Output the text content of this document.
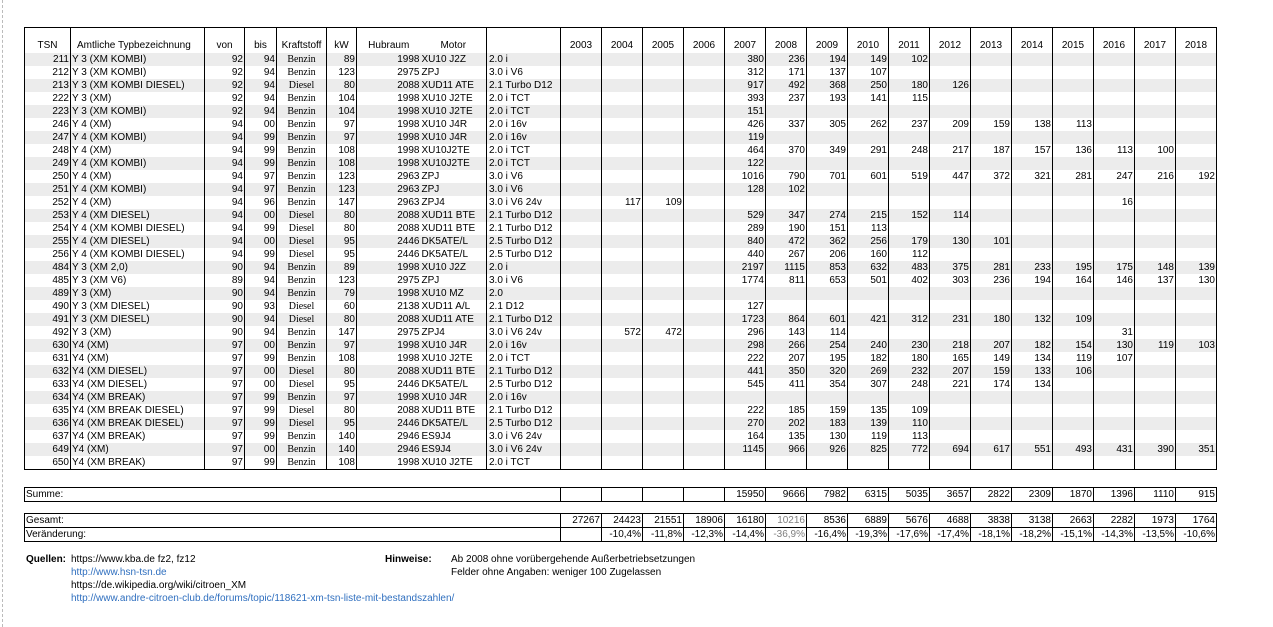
TSN	Amtliche Typbezeichnung	von	bis	Kraftstoff	kW	Hubraum	Motor		2003	2004	2005	2006	2007	2008	2009	2010	2011	2012	2013	2014	2015	2016	2017	2018
211	Y 3 (XM KOMBI)	92	94	Benzin	89	1998	XU10 J2Z	2.0 i					380	236	194	149	102							
212	Y 3 (XM KOMBI)	92	94	Benzin	123	2975	ZPJ	3.0 i V6					312	171	137	107								
213	Y 3 (XM KOMBI DIESEL)	92	94	Diesel	80	2088	XUD11 ATE	2.1 Turbo D12					917	492	368	250	180	126						
222	Y 3 (XM)	92	94	Benzin	104	1998	XU10 J2TE	2.0 i TCT					393	237	193	141	115							
223	Y 3 (XM KOMBI)	92	94	Benzin	104	1998	XU10 J2TE	2.0 i TCT					151											
246	Y 4 (XM)	94	00	Benzin	97	1998	XU10 J4R	2.0 i 16v					426	337	305	262	237	209	159	138	113			
247	Y 4 (XM KOMBI)	94	99	Benzin	97	1998	XU10 J4R	2.0 i 16v					119											
248	Y 4 (XM)	94	99	Benzin	108	1998	XU10J2TE	2.0 i TCT					464	370	349	291	248	217	187	157	136	113	100	
249	Y 4 (XM KOMBI)	94	99	Benzin	108	1998	XU10J2TE	2.0 i TCT					122											
250	Y 4 (XM)	94	97	Benzin	123	2963	ZPJ	3.0 i V6					1016	790	701	601	519	447	372	321	281	247	216	192
251	Y 4 (XM KOMBI)	94	97	Benzin	123	2963	ZPJ	3.0 i V6					128	102										
252	Y 4 (XM)	94	96	Benzin	147	2963	ZPJ4	3.0 i V6 24v		117	109											16		
253	Y 4 (XM DIESEL)	94	00	Diesel	80	2088	XUD11 BTE	2.1 Turbo D12					529	347	274	215	152	114						
254	Y 4 (XM KOMBI DIESEL)	94	99	Diesel	80	2088	XUD11 BTE	2.1 Turbo D12					289	190	151	113								
255	Y 4 (XM DIESEL)	94	00	Diesel	95	2446	DK5ATE/L	2.5 Turbo D12					840	472	362	256	179	130	101					
256	Y 4 (XM KOMBI DIESEL)	94	99	Diesel	95	2446	DK5ATE/L	2.5 Turbo D12					440	267	206	160	112							
484	Y 3 (XM 2,0)	90	94	Benzin	89	1998	XU10 J2Z	2.0 i					2197	1115	853	632	483	375	281	233	195	175	148	139
485	Y 3 (XM V6)	89	94	Benzin	123	2975	ZPJ	3.0 i V6					1774	811	653	501	402	303	236	194	164	146	137	130
489	Y 3 (XM)	90	94	Benzin	79	1998	XU10 MZ	2.0																
490	Y 3 (XM DIESEL)	90	93	Diesel	60	2138	XUD11 A/L	2.1 D12					127											
491	Y 3 (XM DIESEL)	90	94	Diesel	80	2088	XUD11 ATE	2.1 Turbo D12					1723	864	601	421	312	231	180	132	109			
492	Y 3 (XM)	90	94	Benzin	147	2975	ZPJ4	3.0 i V6 24v		572	472		296	143	114							31		
630	Y4 (XM)	97	00	Benzin	97	1998	XU10 J4R	2.0 i 16v					298	266	254	240	230	218	207	182	154	130	119	103
631	Y4 (XM)	97	99	Benzin	108	1998	XU10 J2TE	2.0 i TCT					222	207	195	182	180	165	149	134	119	107		
632	Y4 (XM DIESEL)	97	00	Diesel	80	2088	XUD11 BTE	2.1 Turbo D12					441	350	320	269	232	207	159	133	106			
633	Y4 (XM DIESEL)	97	00	Diesel	95	2446	DK5ATE/L	2.5 Turbo D12					545	411	354	307	248	221	174	134				
634	Y4 (XM BREAK)	97	99	Benzin	97	1998	XU10 J4R	2.0 i 16v																
635	Y4 (XM BREAK DIESEL)	97	99	Diesel	80	2088	XUD11 BTE	2.1 Turbo D12					222	185	159	135	109							
636	Y4 (XM BREAK DIESEL)	97	99	Diesel	95	2446	DK5ATE/L	2.5 Turbo D12					270	202	183	139	110							
637	Y4 (XM BREAK)	97	99	Benzin	140	2946	ES9J4	3.0 i V6 24v					164	135	130	119	113							
649	Y4 (XM)	97	00	Benzin	140	2946	ES9J4	3.0 i V6 24v					1145	966	926	825	772	694	617	551	493	431	390	351
650	Y4 (XM BREAK)	97	99	Benzin	108	1998	XU10 J2TE	2.0 i TCT																
Summe:					15950	9666	7982	6315	5035	3657	2822	2309	1870	1396	1110	915
Gesamt:	27267	24423	21551	18906	16180	10216	8536	6889	5676	4688	3838	3138	2663	2282	1973	1764
Veränderung:		-10,4%	-11,8%	-12,3%	-14,4%	-36,9%	-16,4%	-19,3%	-17,6%	-17,4%	-18,1%	-18,2%	-15,1%	-14,3%	-13,5%	-10,6%
Quellen: https://www.kba.de fz2, fz12
http://www.hsn-tsn.de
https://de.wikipedia.org/wiki/citroen_XM
http://www.andre-citroen-club.de/forums/topic/118621-xm-tsn-liste-mit-bestandszahlen/
Hinweise: Ab 2008 ohne vorübergehende Außerbetriebsetzungen
Felder ohne Angaben: weniger 100 Zugelassen
